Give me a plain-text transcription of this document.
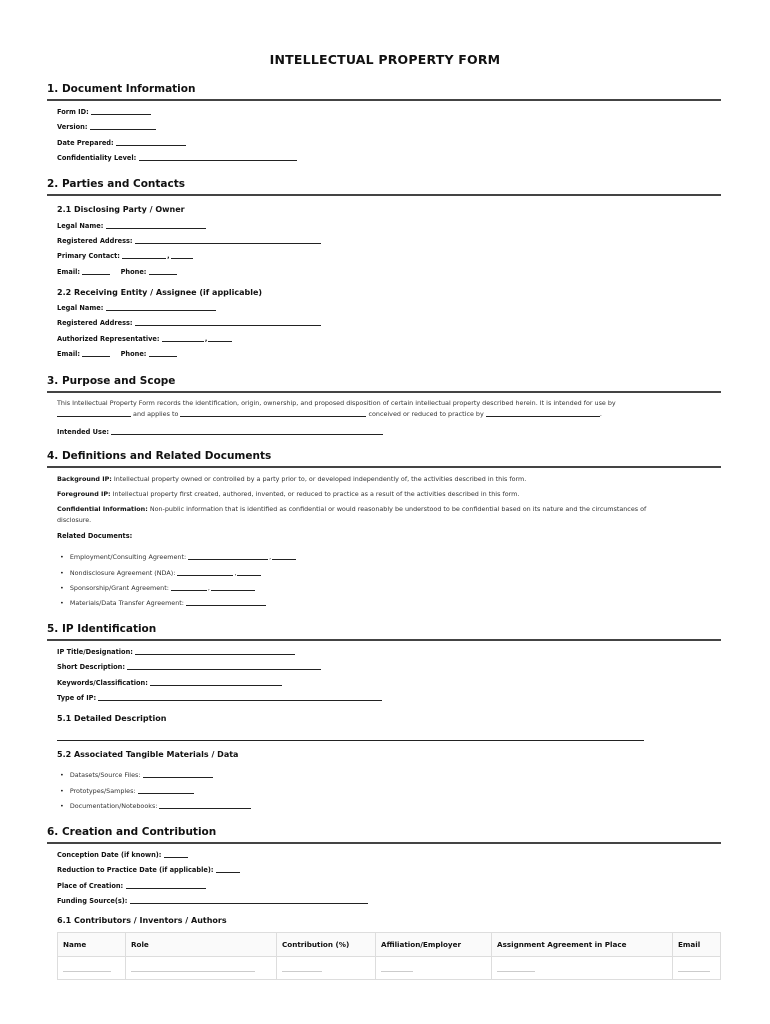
INTELLECTUAL PROPERTY FORM
1. Document Information
Form ID:
Version:
Date Prepared:
Confidentiality Level:
2. Parties and Contacts
2.1 Disclosing Party / Owner
Legal Name:
Registered Address:
Primary Contact:	,
Email:	Phone:
2.2 Receiving Entity / Assignee (if applicable)
Legal Name:
Registered Address:
Authorized Representative:	,
Email:	Phone:
3. Purpose and Scope
This Intellectual Property Form records the identification, origin, ownership, and proposed disposition of certain intellectual property described herein. It is intended for use by
and applies to	conceived or reduced to practice by	.
Intended Use:
4. Definitions and Related Documents
Background IP: Intellectual property owned or controlled by a party prior to, or developed independently of, the activities described in this form.
Foreground IP: Intellectual property first created, authored, invented, or reduced to practice as a result of the activities described in this form.
Confidential Information: Non-public information that is identified as confidential or would reasonably be understood to be confidential based on its nature and the circumstances of disclosure.
Related Documents:
• Employment/Consulting Agreement:	,
• Nondisclosure Agreement (NDA):	,
• Sponsorship/Grant Agreement:	,
• Materials/Data Transfer Agreement:
5. IP Identification
IP Title/Designation:
Short Description:
Keywords/Classification:
Type of IP:
5.1 Detailed Description
5.2 Associated Tangible Materials / Data
• Datasets/Source Files:
• Prototypes/Samples:
• Documentation/Notebooks:
6. Creation and Contribution
Conception Date (if known):
Reduction to Practice Date (if applicable):
Place of Creation:
Funding Source(s):
6.1 Contributors / Inventors / Authors
Name	Role	Contribution (%)	Affiliation/Employer	Assignment Agreement in Place	Email
